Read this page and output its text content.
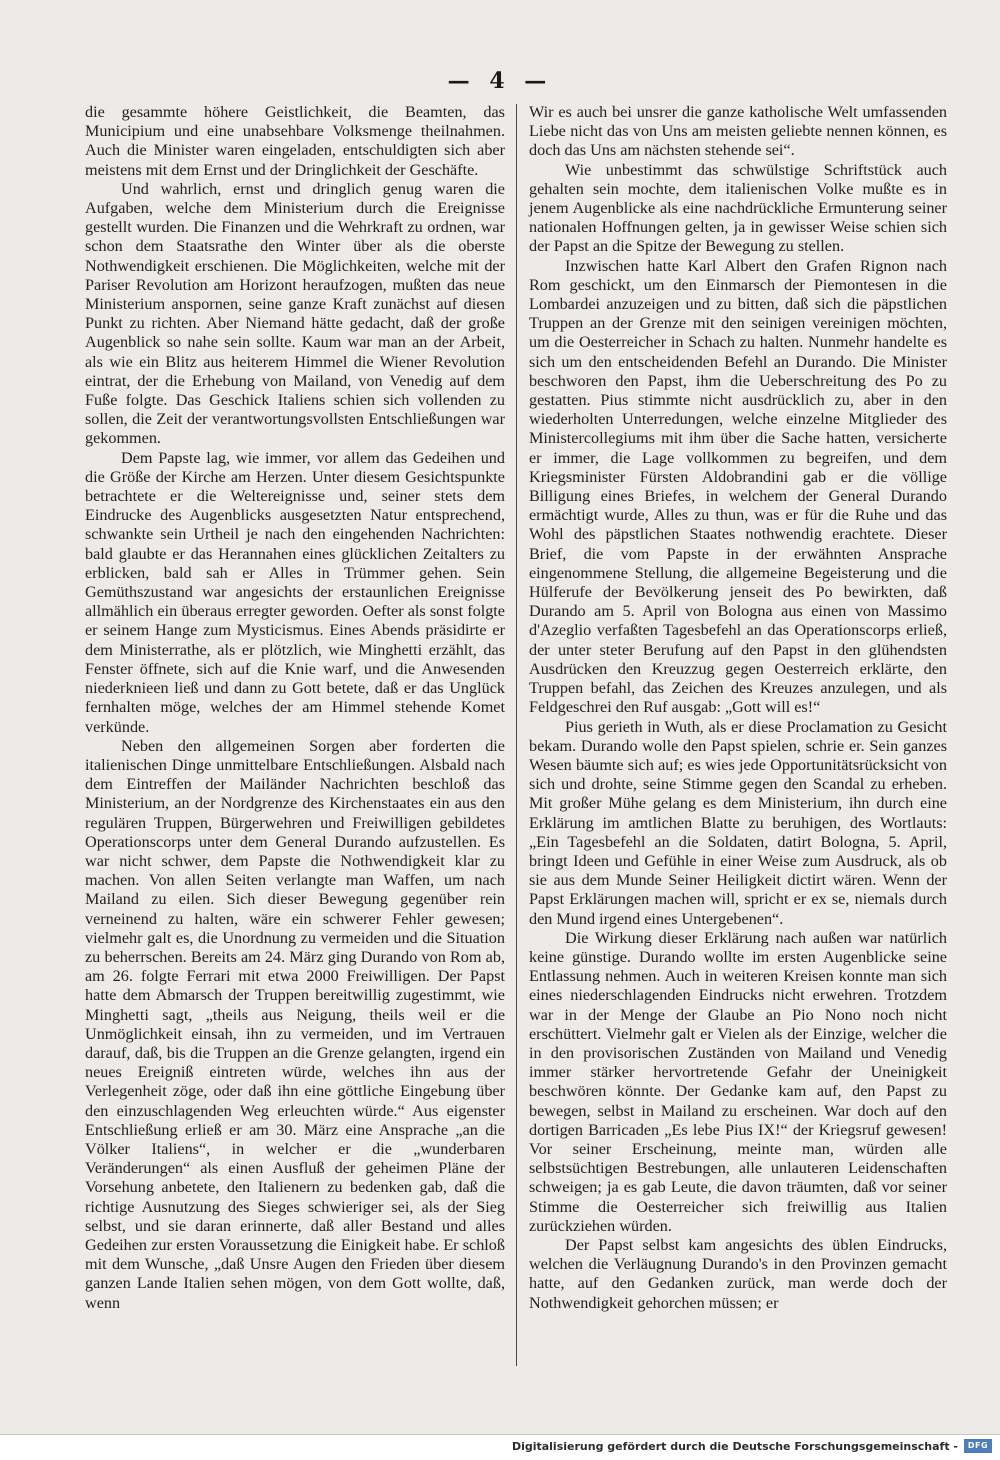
— 4 —

die gesammte höhere Geistlichkeit, die Beamten, das Municipium und eine unabsehbare Volksmenge theilnahmen. Auch die Minister waren eingeladen, entschuldigten sich aber meistens mit dem Ernst und der Dringlichkeit der Geschäfte.

Und wahrlich, ernst und dringlich genug waren die Aufgaben, welche dem Ministerium durch die Ereignisse gestellt wurden. Die Finanzen und die Wehrkraft zu ordnen, war schon dem Staatsrathe den Winter über als die oberste Nothwendigkeit erschienen. Die Möglichkeiten, welche mit der Pariser Revolution am Horizont heraufzogen, mußten das neue Ministerium anspornen, seine ganze Kraft zunächst auf diesen Punkt zu richten. Aber Niemand hätte gedacht, daß der große Augenblick so nahe sein sollte. Kaum war man an der Arbeit, als wie ein Blitz aus heiterem Himmel die Wiener Revolution eintrat, der die Erhebung von Mailand, von Venedig auf dem Fuße folgte. Das Geschick Italiens schien sich vollenden zu sollen, die Zeit der verantwortungsvollsten Entschließungen war gekommen.

Dem Papste lag, wie immer, vor allem das Gedeihen und die Größe der Kirche am Herzen. Unter diesem Gesichtspunkte betrachtete er die Weltereignisse und, seiner stets dem Eindrucke des Augenblicks ausgesetzten Natur entsprechend, schwankte sein Urtheil je nach den eingehenden Nachrichten: bald glaubte er das Herannahen eines glücklichen Zeitalters zu erblicken, bald sah er Alles in Trümmer gehen. Sein Gemüthszustand war angesichts der erstaunlichen Ereignisse allmählich ein überaus erregter geworden. Oefter als sonst folgte er seinem Hange zum Mysticismus. Eines Abends präsidirte er dem Ministerrathe, als er plötzlich, wie Minghetti erzählt, das Fenster öffnete, sich auf die Knie warf, und die Anwesenden niederknieen ließ und dann zu Gott betete, daß er das Unglück fernhalten möge, welches der am Himmel stehende Komet verkünde.

Neben den allgemeinen Sorgen aber forderten die italienischen Dinge unmittelbare Entschließungen. Alsbald nach dem Eintreffen der Mailänder Nachrichten beschloß das Ministerium, an der Nordgrenze des Kirchenstaates ein aus den regulären Truppen, Bürgerwehren und Freiwilligen gebildetes Operationscorps unter dem General Durando aufzustellen. Es war nicht schwer, dem Papste die Nothwendigkeit klar zu machen. Von allen Seiten verlangte man Waffen, um nach Mailand zu eilen. Sich dieser Bewegung gegenüber rein verneinend zu halten, wäre ein schwerer Fehler gewesen; vielmehr galt es, die Unordnung zu vermeiden und die Situation zu beherrschen. Bereits am 24. März ging Durando von Rom ab, am 26. folgte Ferrari mit etwa 2000 Freiwilligen. Der Papst hatte dem Abmarsch der Truppen bereitwillig zugestimmt, wie Minghetti sagt, „theils aus Neigung, theils weil er die Unmöglichkeit einsah, ihn zu vermeiden, und im Vertrauen darauf, daß, bis die Truppen an die Grenze gelangten, irgend ein neues Ereigniß eintreten würde, welches ihn aus der Verlegenheit zöge, oder daß ihn eine göttliche Eingebung über den einzuschlagenden Weg erleuchten würde.“ Aus eigenster Entschließung erließ er am 30. März eine Ansprache „an die Völker Italiens“, in welcher er die „wunderbaren Veränderungen“ als einen Ausfluß der geheimen Pläne der Vorsehung anbetete, den Italienern zu bedenken gab, daß die richtige Ausnutzung des Sieges schwieriger sei, als der Sieg selbst, und sie daran erinnerte, daß aller Bestand und alles Gedeihen zur ersten Voraussetzung die Einigkeit habe. Er schloß mit dem Wunsche, „daß Unsre Augen den Frieden über diesem ganzen Lande Italien sehen mögen, von dem Gott wollte, daß, wenn

Wir es auch bei unsrer die ganze katholische Welt umfassenden Liebe nicht das von Uns am meisten geliebte nennen können, es doch das Uns am nächsten stehende sei“.

Wie unbestimmt das schwülstige Schriftstück auch gehalten sein mochte, dem italienischen Volke mußte es in jenem Augenblicke als eine nachdrückliche Ermunterung seiner nationalen Hoffnungen gelten, ja in gewisser Weise schien sich der Papst an die Spitze der Bewegung zu stellen.

Inzwischen hatte Karl Albert den Grafen Rignon nach Rom geschickt, um den Einmarsch der Piemontesen in die Lombardei anzuzeigen und zu bitten, daß sich die päpstlichen Truppen an der Grenze mit den seinigen vereinigen möchten, um die Oesterreicher in Schach zu halten. Nunmehr handelte es sich um den entscheidenden Befehl an Durando. Die Minister beschworen den Papst, ihm die Ueberschreitung des Po zu gestatten. Pius stimmte nicht ausdrücklich zu, aber in den wiederholten Unterredungen, welche einzelne Mitglieder des Ministercollegiums mit ihm über die Sache hatten, versicherte er immer, die Lage vollkommen zu begreifen, und dem Kriegsminister Fürsten Aldobrandini gab er die völlige Billigung eines Briefes, in welchem der General Durando ermächtigt wurde, Alles zu thun, was er für die Ruhe und das Wohl des päpstlichen Staates nothwendig erachtete. Dieser Brief, die vom Papste in der erwähnten Ansprache eingenommene Stellung, die allgemeine Begeisterung und die Hülferufe der Bevölkerung jenseit des Po bewirkten, daß Durando am 5. April von Bologna aus einen von Massimo d'Azeglio verfaßten Tagesbefehl an das Operationscorps erließ, der unter steter Berufung auf den Papst in den glühendsten Ausdrücken den Kreuzzug gegen Oesterreich erklärte, den Truppen befahl, das Zeichen des Kreuzes anzulegen, und als Feldgeschrei den Ruf ausgab: „Gott will es!“

Pius gerieth in Wuth, als er diese Proclamation zu Gesicht bekam. Durando wolle den Papst spielen, schrie er. Sein ganzes Wesen bäumte sich auf; es wies jede Opportunitätsrücksicht von sich und drohte, seine Stimme gegen den Scandal zu erheben. Mit großer Mühe gelang es dem Ministerium, ihn durch eine Erklärung im amtlichen Blatte zu beruhigen, des Wortlauts: „Ein Tagesbefehl an die Soldaten, datirt Bologna, 5. April, bringt Ideen und Gefühle in einer Weise zum Ausdruck, als ob sie aus dem Munde Seiner Heiligkeit dictirt wären. Wenn der Papst Erklärungen machen will, spricht er ex se, niemals durch den Mund irgend eines Untergebenen“.

Die Wirkung dieser Erklärung nach außen war natürlich keine günstige. Durando wollte im ersten Augenblicke seine Entlassung nehmen. Auch in weiteren Kreisen konnte man sich eines niederschlagenden Eindrucks nicht erwehren. Trotzdem war in der Menge der Glaube an Pio Nono noch nicht erschüttert. Vielmehr galt er Vielen als der Einzige, welcher die in den provisorischen Zuständen von Mailand und Venedig immer stärker hervortretende Gefahr der Uneinigkeit beschwören könnte. Der Gedanke kam auf, den Papst zu bewegen, selbst in Mailand zu erscheinen. War doch auf den dortigen Barricaden „Es lebe Pius IX!“ der Kriegsruf gewesen! Vor seiner Erscheinung, meinte man, würden alle selbstsüchtigen Bestrebungen, alle unlauteren Leidenschaften schweigen; ja es gab Leute, die davon träumten, daß vor seiner Stimme die Oesterreicher sich freiwillig aus Italien zurückziehen würden.

Der Papst selbst kam angesichts des üblen Eindrucks, welchen die Verläugnung Durando's in den Provinzen gemacht hatte, auf den Gedanken zurück, man werde doch der Nothwendigkeit gehorchen müssen; er

Digitalisierung gefördert durch die Deutsche Forschungsgemeinschaft -	DFG
